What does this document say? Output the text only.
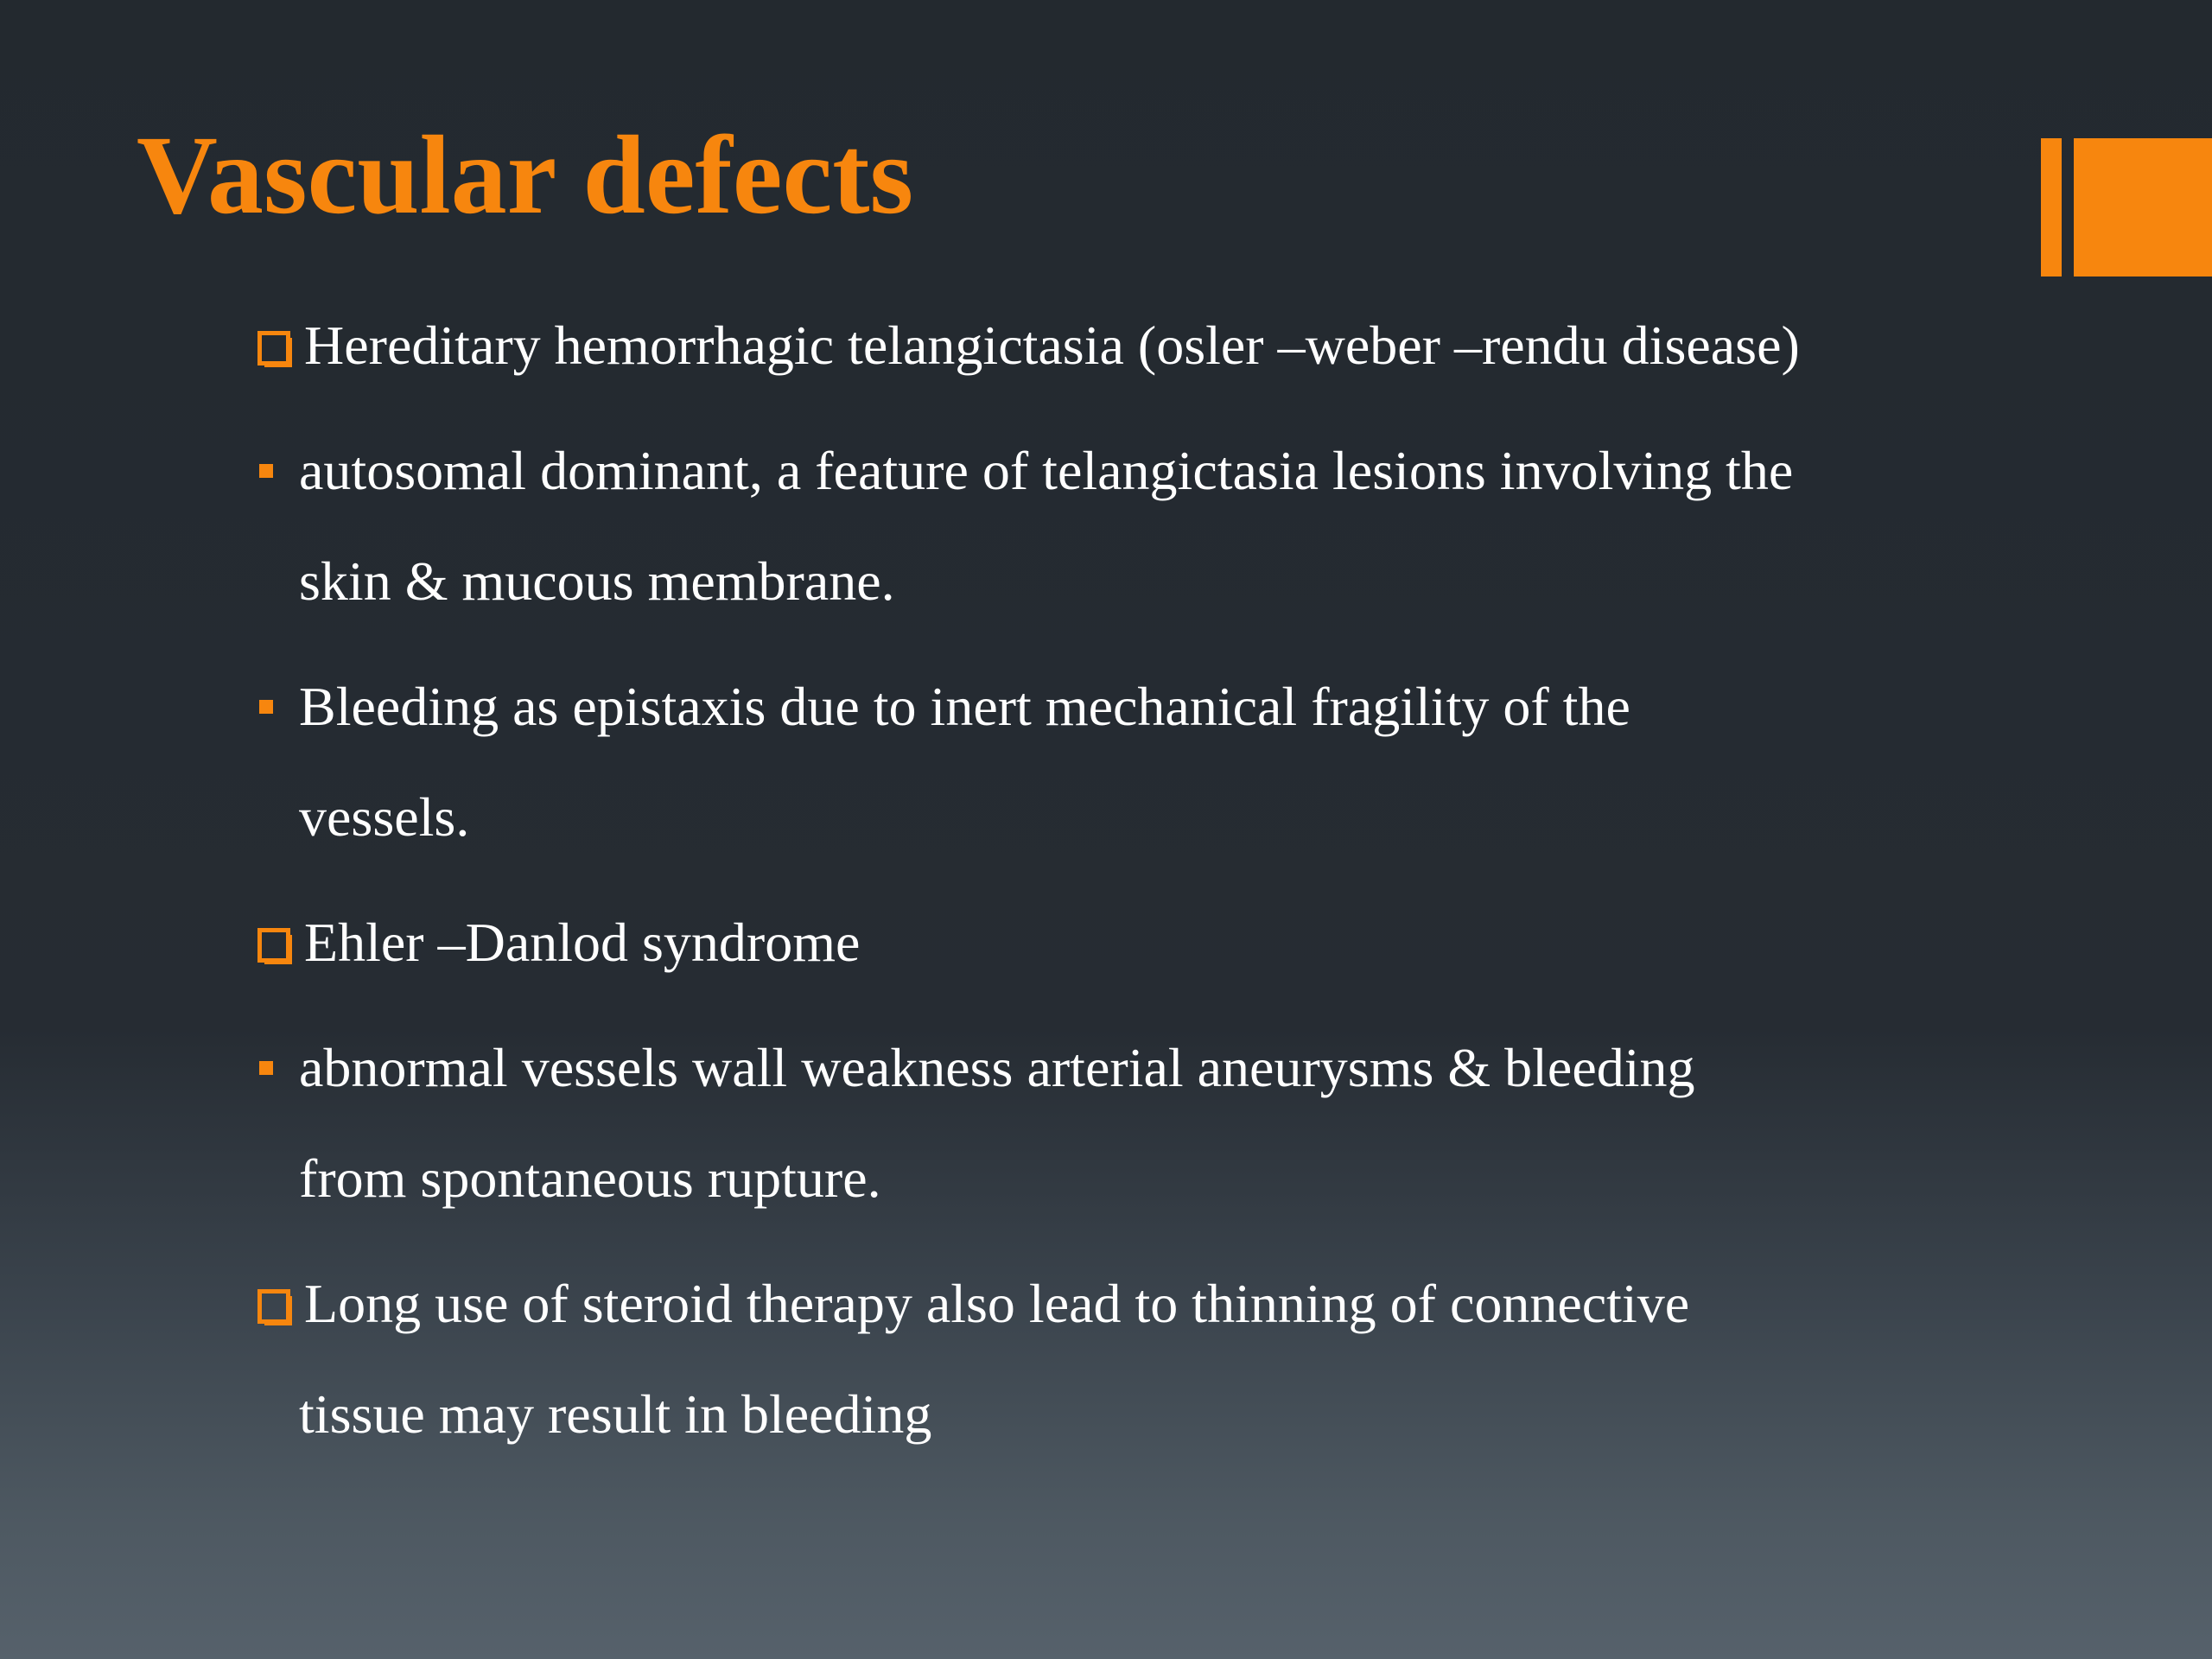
Vascular defects
Hereditary hemorrhagic telangictasia (osler –weber –rendu disease)
autosomal dominant, a feature of telangictasia lesions involving the
skin & mucous membrane.
Bleeding as epistaxis due to inert mechanical fragility of the
vessels.
Ehler –Danlod syndrome
abnormal vessels wall weakness arterial aneurysms & bleeding
from spontaneous rupture.
Long use of steroid therapy also lead to thinning of connective
tissue may result in bleeding
